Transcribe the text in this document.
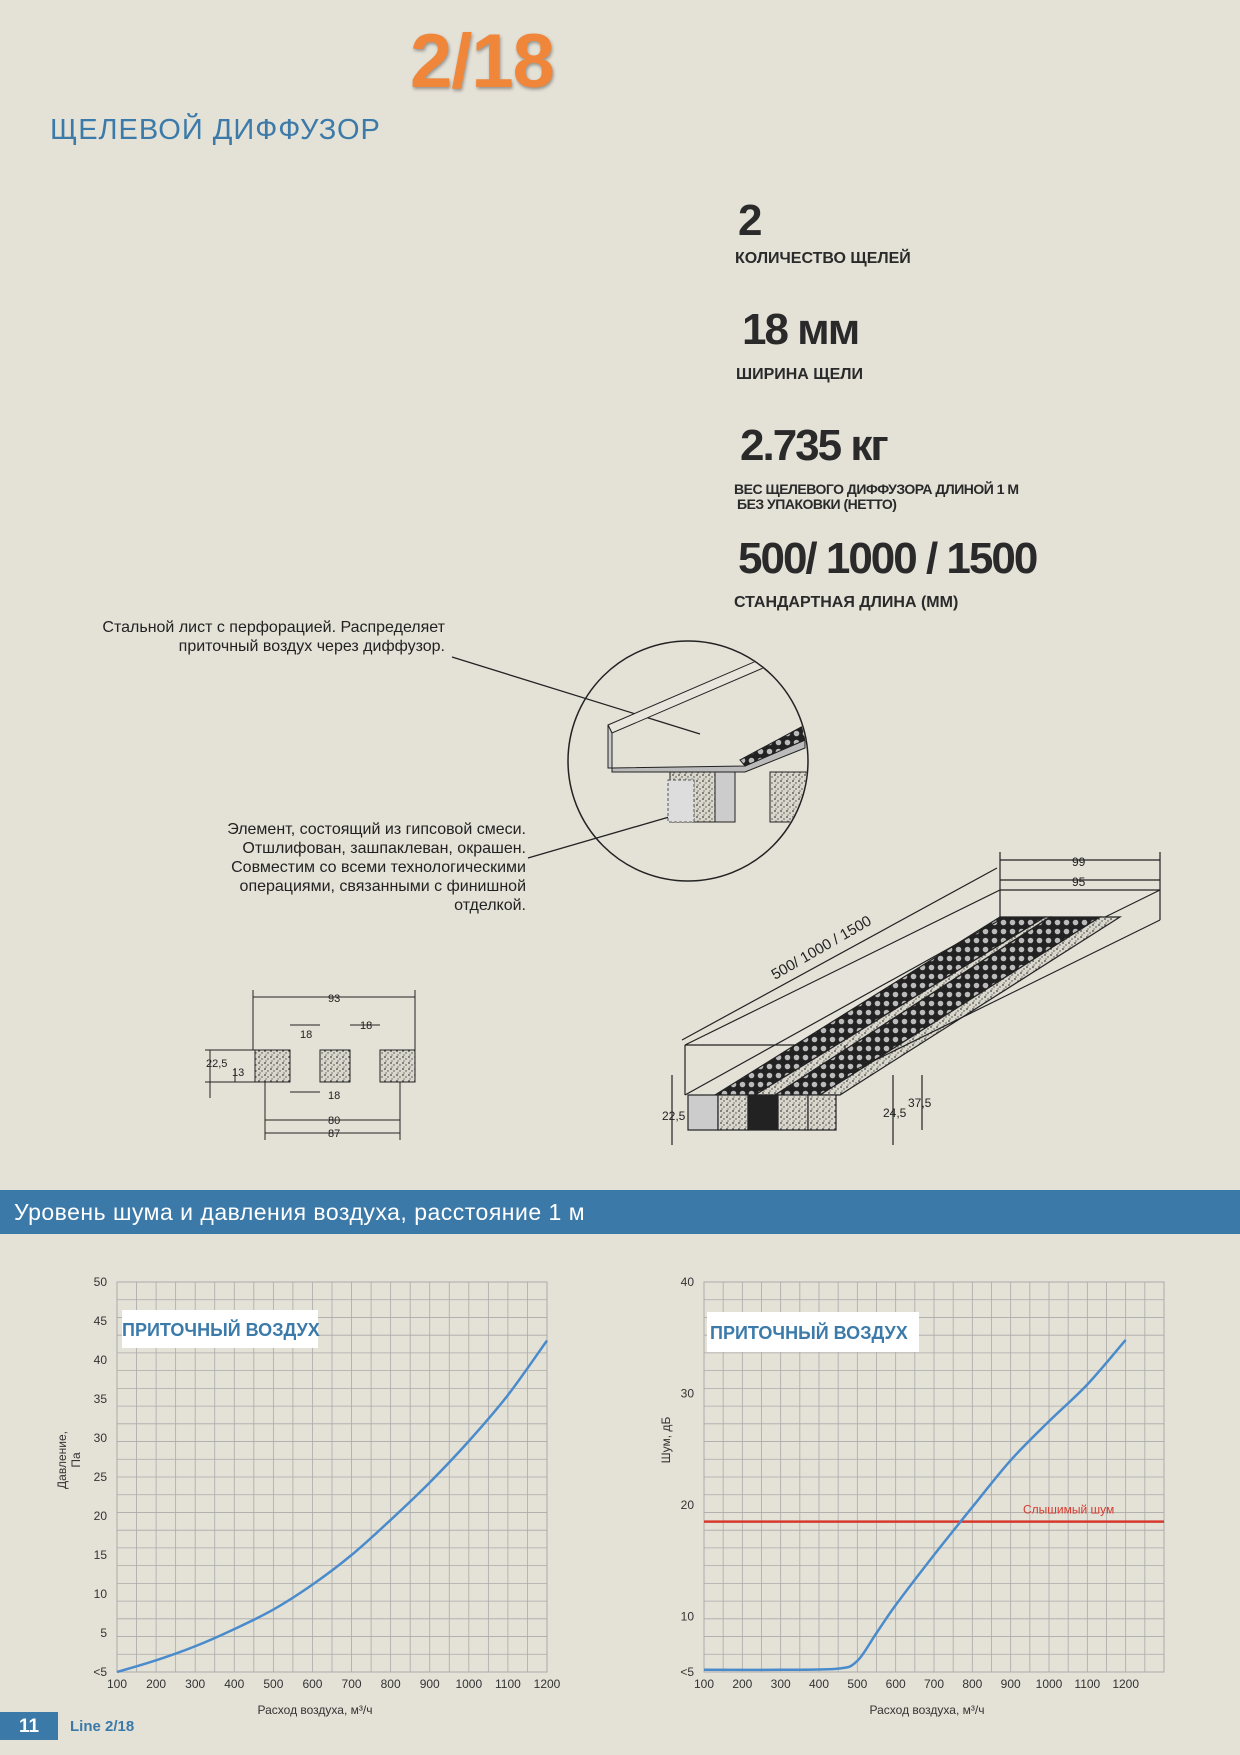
2/18
ЩЕЛЕВОЙ ДИФФУЗОР
2
КОЛИЧЕСТВО ЩЕЛЕЙ
18 мм
ШИРИНА ЩЕЛИ
2.735 кг
ВЕС ЩЕЛЕВОГО ДИФФУЗОРА ДЛИНОЙ 1 М
БЕЗ УПАКОВКИ (НЕТТО)
500/ 1000 / 1500
СТАНДАРТНАЯ ДЛИНА (ММ)
Стальной лист с перфорацией. Распределяет
приточный воздух через диффузор.
Элемент, состоящий из гипсовой смеси.
Отшлифован, зашпаклеван, окрашен.
Совместим со всеми технологическими
операциями, связанными с финишной
отделкой.
93
18
18
18
22,5
13
80
87
99
95
22,5	24,5
37,5
500/ 1000 / 1500
Уровень шума и давления воздуха, расстояние 1 м
100 200 300 400 500 600 700 800 900 1000 1100 1200
<5
5
10
15
20
25
30
35
40
45
50
ПРИТОЧНЫЙ ВОЗДУХ
Давление, Па
Расход воздуха, м³/ч
100 200 300 400 500 600 700 800 900 1000 1100 1200
<5
10
20
30
40
Слышимый шум
ПРИТОЧНЫЙ ВОЗДУХ
Шум, дБ
Расход воздуха, м³/ч
11	Line 2/18
